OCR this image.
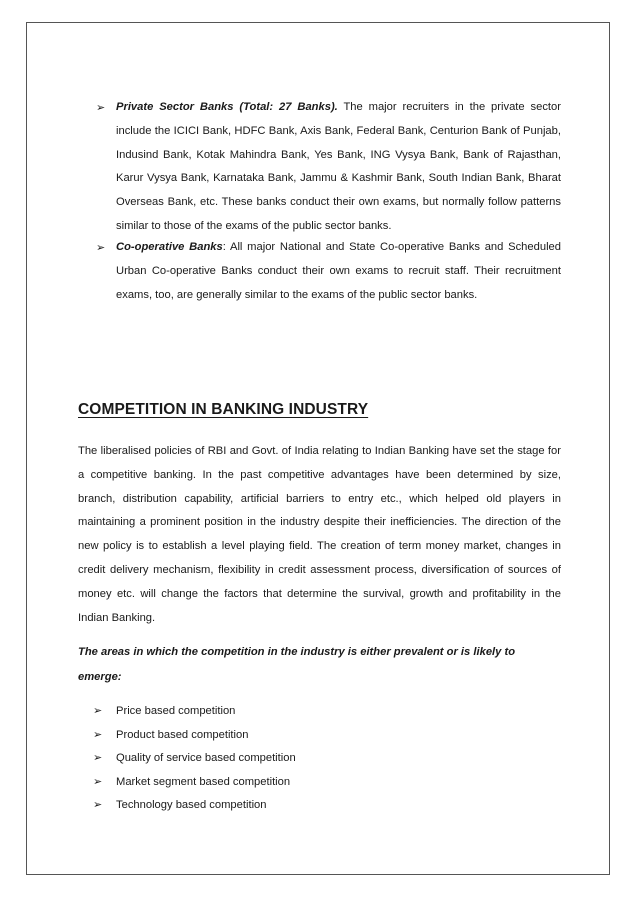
➢ Private Sector Banks (Total: 27 Banks). The major recruiters in the private sector include the ICICI Bank, HDFC Bank, Axis Bank, Federal Bank, Centurion Bank of Punjab, Indusind Bank, Kotak Mahindra Bank, Yes Bank, ING Vysya Bank, Bank of Rajasthan, Karur Vysya Bank, Karnataka Bank, Jammu & Kashmir Bank, South Indian Bank, Bharat Overseas Bank, etc. These banks conduct their own exams, but normally follow patterns similar to those of the exams of the public sector banks.
➢ Co-operative Banks: All major National and State Co-operative Banks and Scheduled Urban Co-operative Banks conduct their own exams to recruit staff. Their recruitment exams, too, are generally similar to the exams of the public sector banks.
COMPETITION IN BANKING INDUSTRY
The liberalised policies of RBI and Govt. of India relating to Indian Banking have set the stage for a competitive banking. In the past competitive advantages have been determined by size, branch, distribution capability, artificial barriers to entry etc., which helped old players in maintaining a prominent position in the industry despite their inefficiencies. The direction of the new policy is to establish a level playing field. The creation of term money market, changes in credit delivery mechanism, flexibility in credit assessment process, diversification of sources of money etc. will change the factors that determine the survival, growth and profitability in the Indian Banking.
The areas in which the competition in the industry is either prevalent or is likely to emerge:
➢	Price based competition
➢	Product based competition
➢	Quality of service based competition
➢	Market segment based competition
➢	Technology based competition
